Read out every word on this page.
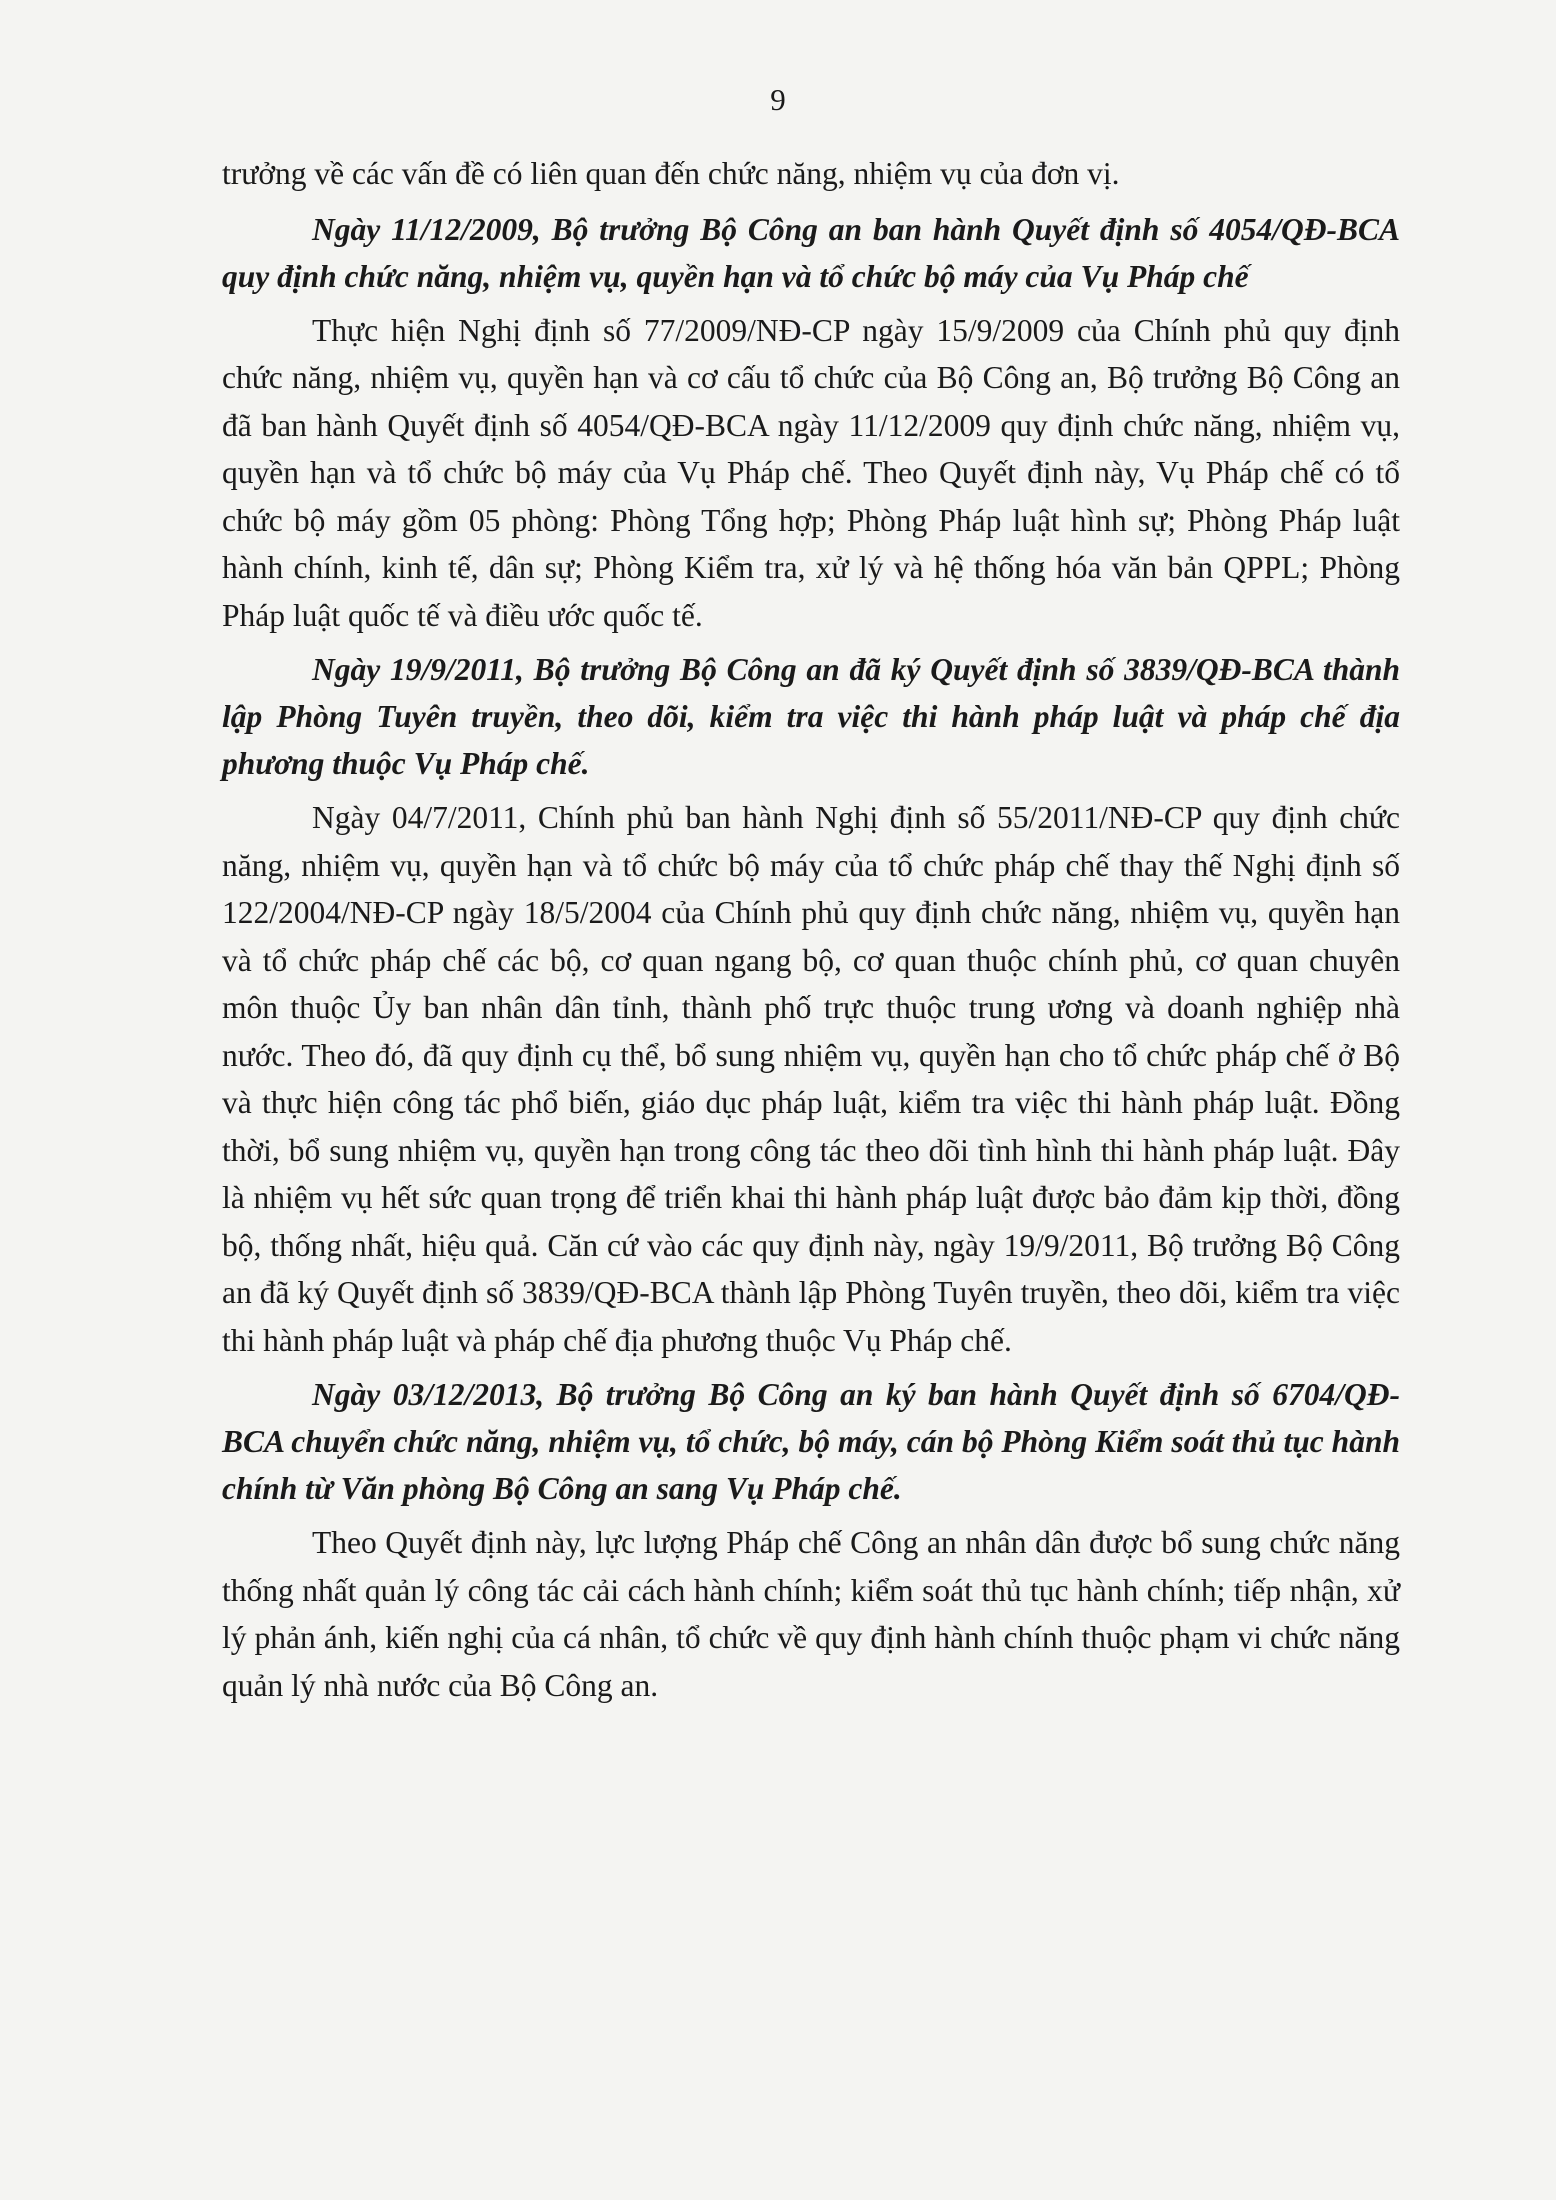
9

trưởng về các vấn đề có liên quan đến chức năng, nhiệm vụ của đơn vị.

Ngày 11/12/2009, Bộ trưởng Bộ Công an ban hành Quyết định số 4054/QĐ-BCA quy định chức năng, nhiệm vụ, quyền hạn và tổ chức bộ máy của Vụ Pháp chế

Thực hiện Nghị định số 77/2009/NĐ-CP ngày 15/9/2009 của Chính phủ quy định chức năng, nhiệm vụ, quyền hạn và cơ cấu tổ chức của Bộ Công an, Bộ trưởng Bộ Công an đã ban hành Quyết định số 4054/QĐ-BCA ngày 11/12/2009 quy định chức năng, nhiệm vụ, quyền hạn và tổ chức bộ máy của Vụ Pháp chế. Theo Quyết định này, Vụ Pháp chế có tổ chức bộ máy gồm 05 phòng: Phòng Tổng hợp; Phòng Pháp luật hình sự; Phòng Pháp luật hành chính, kinh tế, dân sự; Phòng Kiểm tra, xử lý và hệ thống hóa văn bản QPPL; Phòng Pháp luật quốc tế và điều ước quốc tế.

Ngày 19/9/2011, Bộ trưởng Bộ Công an đã ký Quyết định số 3839/QĐ-BCA thành lập Phòng Tuyên truyền, theo dõi, kiểm tra việc thi hành pháp luật và pháp chế địa phương thuộc Vụ Pháp chế.

Ngày 04/7/2011, Chính phủ ban hành Nghị định số 55/2011/NĐ-CP quy định chức năng, nhiệm vụ, quyền hạn và tổ chức bộ máy của tổ chức pháp chế thay thế Nghị định số 122/2004/NĐ-CP ngày 18/5/2004 của Chính phủ quy định chức năng, nhiệm vụ, quyền hạn và tổ chức pháp chế các bộ, cơ quan ngang bộ, cơ quan thuộc chính phủ, cơ quan chuyên môn thuộc Ủy ban nhân dân tỉnh, thành phố trực thuộc trung ương và doanh nghiệp nhà nước. Theo đó, đã quy định cụ thể, bổ sung nhiệm vụ, quyền hạn cho tổ chức pháp chế ở Bộ và thực hiện công tác phổ biến, giáo dục pháp luật, kiểm tra việc thi hành pháp luật. Đồng thời, bổ sung nhiệm vụ, quyền hạn trong công tác theo dõi tình hình thi hành pháp luật. Đây là nhiệm vụ hết sức quan trọng để triển khai thi hành pháp luật được bảo đảm kịp thời, đồng bộ, thống nhất, hiệu quả. Căn cứ vào các quy định này, ngày 19/9/2011, Bộ trưởng Bộ Công an đã ký Quyết định số 3839/QĐ-BCA thành lập Phòng Tuyên truyền, theo dõi, kiểm tra việc thi hành pháp luật và pháp chế địa phương thuộc Vụ Pháp chế.

Ngày 03/12/2013, Bộ trưởng Bộ Công an ký ban hành Quyết định số 6704/QĐ-BCA chuyển chức năng, nhiệm vụ, tổ chức, bộ máy, cán bộ Phòng Kiểm soát thủ tục hành chính từ Văn phòng Bộ Công an sang Vụ Pháp chế.

Theo Quyết định này, lực lượng Pháp chế Công an nhân dân được bổ sung chức năng thống nhất quản lý công tác cải cách hành chính; kiểm soát thủ tục hành chính; tiếp nhận, xử lý phản ánh, kiến nghị của cá nhân, tổ chức về quy định hành chính thuộc phạm vi chức năng quản lý nhà nước của Bộ Công an.
